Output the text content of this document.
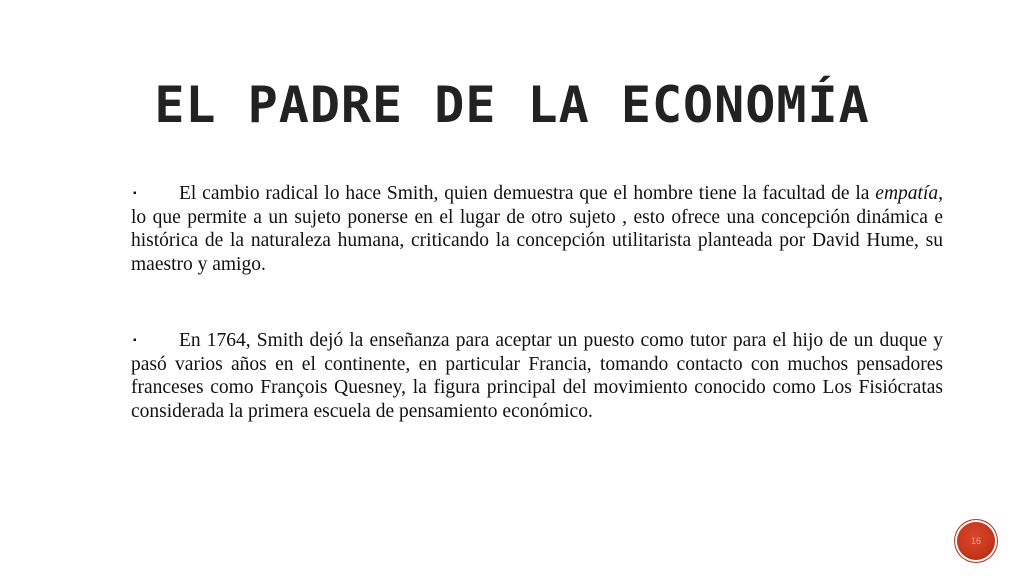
EL PADRE DE LA ECONOMÍA

▪ El cambio radical lo hace Smith, quien demuestra que el hombre tiene la facultad de la empatía, lo que permite a un sujeto ponerse en el lugar de otro sujeto , esto ofrece una concepción dinámica e histórica de la naturaleza humana, criticando la concepción utilitarista planteada por David Hume, su maestro y amigo.

▪ En 1764, Smith dejó la enseñanza para aceptar un puesto como tutor para el hijo de un duque y pasó varios años en el continente, en particular Francia, tomando contacto con muchos pensadores franceses como François Quesney, la figura principal del movimiento conocido como Los Fisiócratas considerada la primera escuela de pensamiento económico.

16
